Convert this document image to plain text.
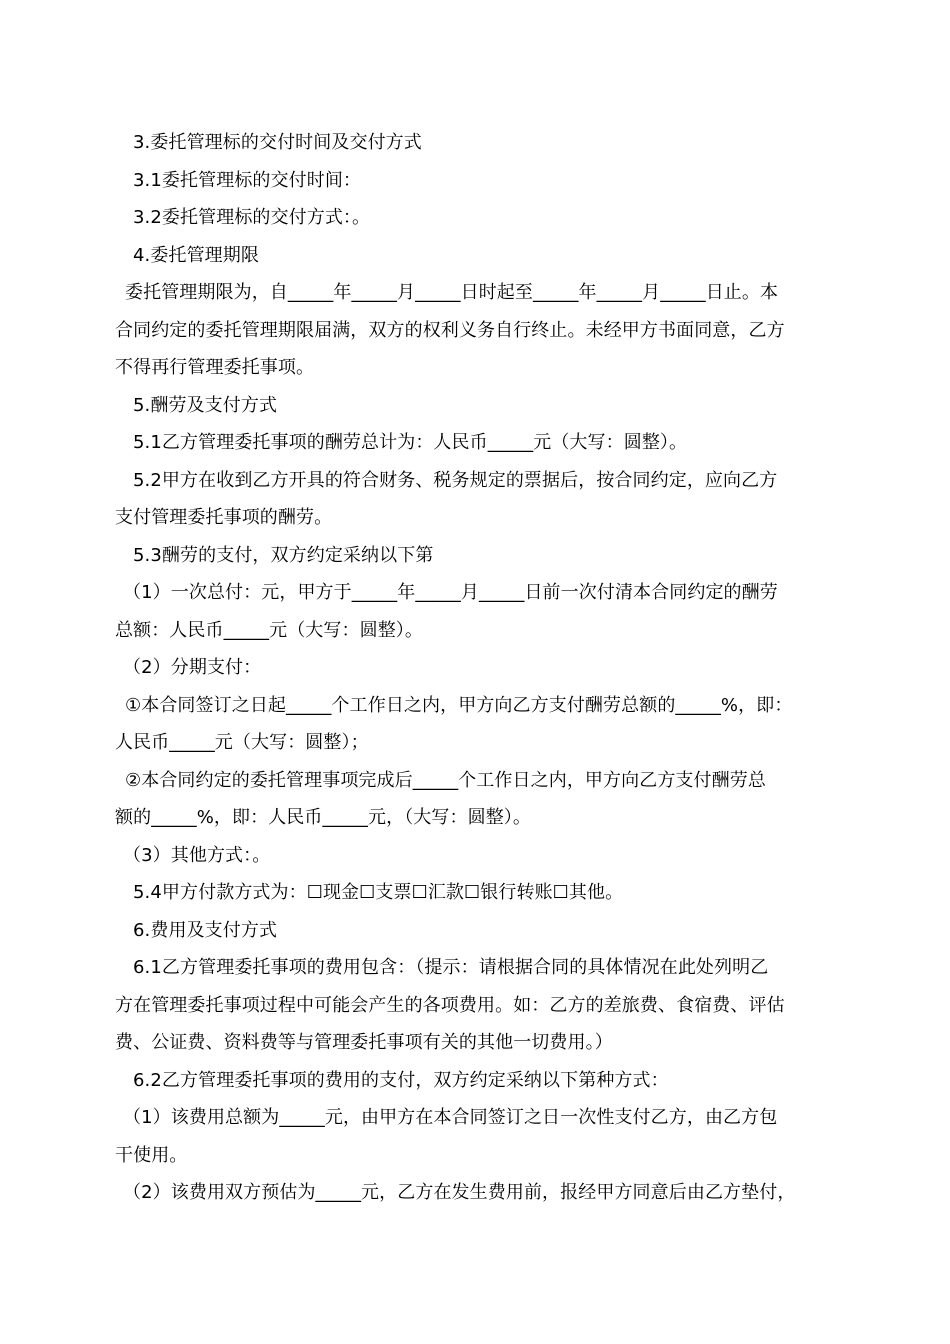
3.委托管理标的交付时间及交付方式
3.1委托管理标的交付时间：
3.2委托管理标的交付方式：。
4.委托管理期限
委托管理期限为，自_____年_____月_____日时起至_____年_____月_____日止。本
合同约定的委托管理期限届满，双方的权利义务自行终止。未经甲方书面同意，乙方
不得再行管理委托事项。
5.酬劳及支付方式
5.1乙方管理委托事项的酬劳总计为：人民币_____元（大写：圆整）。
5.2甲方在收到乙方开具的符合财务、税务规定的票据后，按合同约定，应向乙方
支付管理委托事项的酬劳。
5.3酬劳的支付，双方约定采纳以下第
（1）一次总付：元，甲方于_____年_____月_____日前一次付清本合同约定的酬劳
总额：人民币_____元（大写：圆整）。
（2）分期支付：
①本合同签订之日起_____个工作日之内，甲方向乙方支付酬劳总额的_____%，即：
人民币_____元（大写：圆整）；
②本合同约定的委托管理事项完成后_____个工作日之内，甲方向乙方支付酬劳总
额的_____%，即：人民币_____元，（大写：圆整）。
（3）其他方式：。
5.4甲方付款方式为：☐现金☐支票☐汇款☐银行转账☐其他。
6.费用及支付方式
6.1乙方管理委托事项的费用包含：（提示：请根据合同的具体情况在此处列明乙
方在管理委托事项过程中可能会产生的各项费用。如：乙方的差旅费、食宿费、评估
费、公证费、资料费等与管理委托事项有关的其他一切费用。）
6.2乙方管理委托事项的费用的支付，双方约定采纳以下第种方式：
（1）该费用总额为_____元，由甲方在本合同签订之日一次性支付乙方，由乙方包
干使用。
（2）该费用双方预估为_____元，乙方在发生费用前，报经甲方同意后由乙方垫付，
